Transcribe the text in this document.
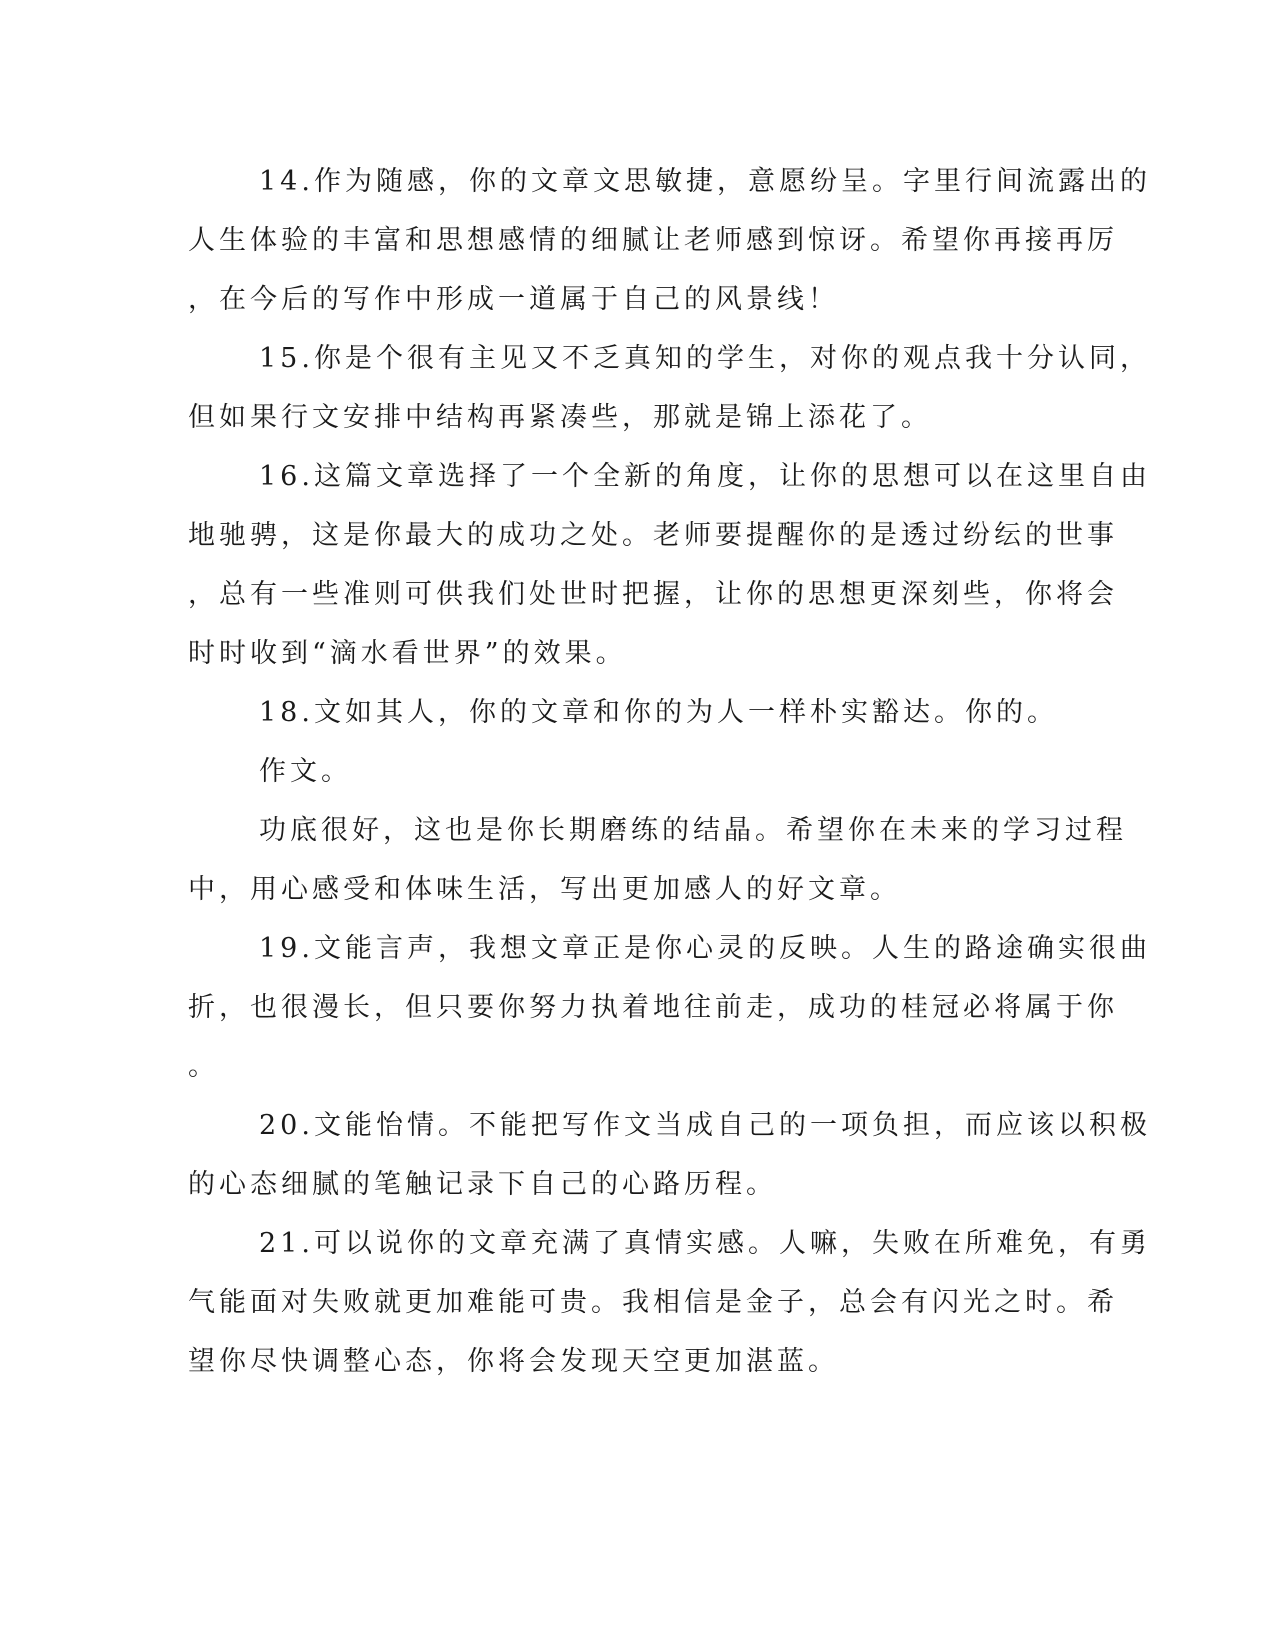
14.作为随感，你的文章文思敏捷，意愿纷呈。字里行间流露出的
人生体验的丰富和思想感情的细腻让老师感到惊讶。希望你再接再厉
，在今后的写作中形成一道属于自己的风景线！
15.你是个很有主见又不乏真知的学生，对你的观点我十分认同，
但如果行文安排中结构再紧凑些，那就是锦上添花了。
16.这篇文章选择了一个全新的角度，让你的思想可以在这里自由
地驰骋，这是你最大的成功之处。老师要提醒你的是透过纷纭的世事
，总有一些准则可供我们处世时把握，让你的思想更深刻些，你将会
时时收到“滴水看世界”的效果。
18.文如其人，你的文章和你的为人一样朴实豁达。你的。
作文。
功底很好，这也是你长期磨练的结晶。希望你在未来的学习过程
中，用心感受和体味生活，写出更加感人的好文章。
19.文能言声，我想文章正是你心灵的反映。人生的路途确实很曲
折，也很漫长，但只要你努力执着地往前走，成功的桂冠必将属于你
。
20.文能怡情。不能把写作文当成自己的一项负担，而应该以积极
的心态细腻的笔触记录下自己的心路历程。
21.可以说你的文章充满了真情实感。人嘛，失败在所难免，有勇
气能面对失败就更加难能可贵。我相信是金子，总会有闪光之时。希
望你尽快调整心态，你将会发现天空更加湛蓝。
